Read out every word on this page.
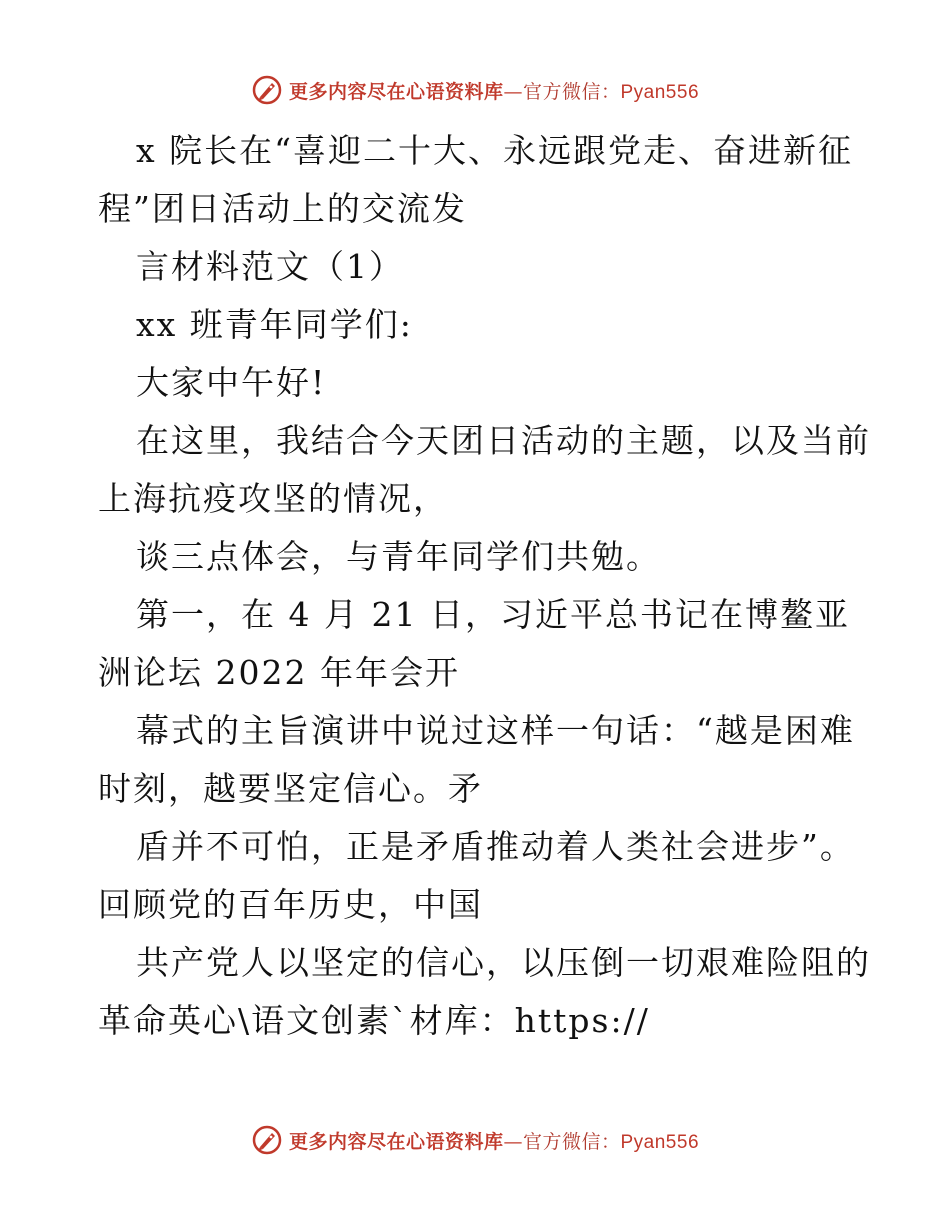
更多内容尽在心语资料库—官方微信：Pyan556
x 院长在“喜迎二十大、永远跟党走、奋进新征
程”团日活动上的交流发
言材料范文（1）
xx 班青年同学们:
大家中午好!
在这里，我结合今天团日活动的主题，以及当前
上海抗疫攻坚的情况，
谈三点体会，与青年同学们共勉。
第一，在 4 月 21 日，习近平总书记在博鳌亚
洲论坛 2022 年年会开
幕式的主旨演讲中说过这样一句话：“越是困难
时刻，越要坚定信心。矛
盾并不可怕，正是矛盾推动着人类社会进步”。
回顾党的百年历史，中国
共产党人以坚定的信心，以压倒一切艰难险阻的
革命英心\语文创素`材库：https://
更多内容尽在心语资料库—官方微信：Pyan556
